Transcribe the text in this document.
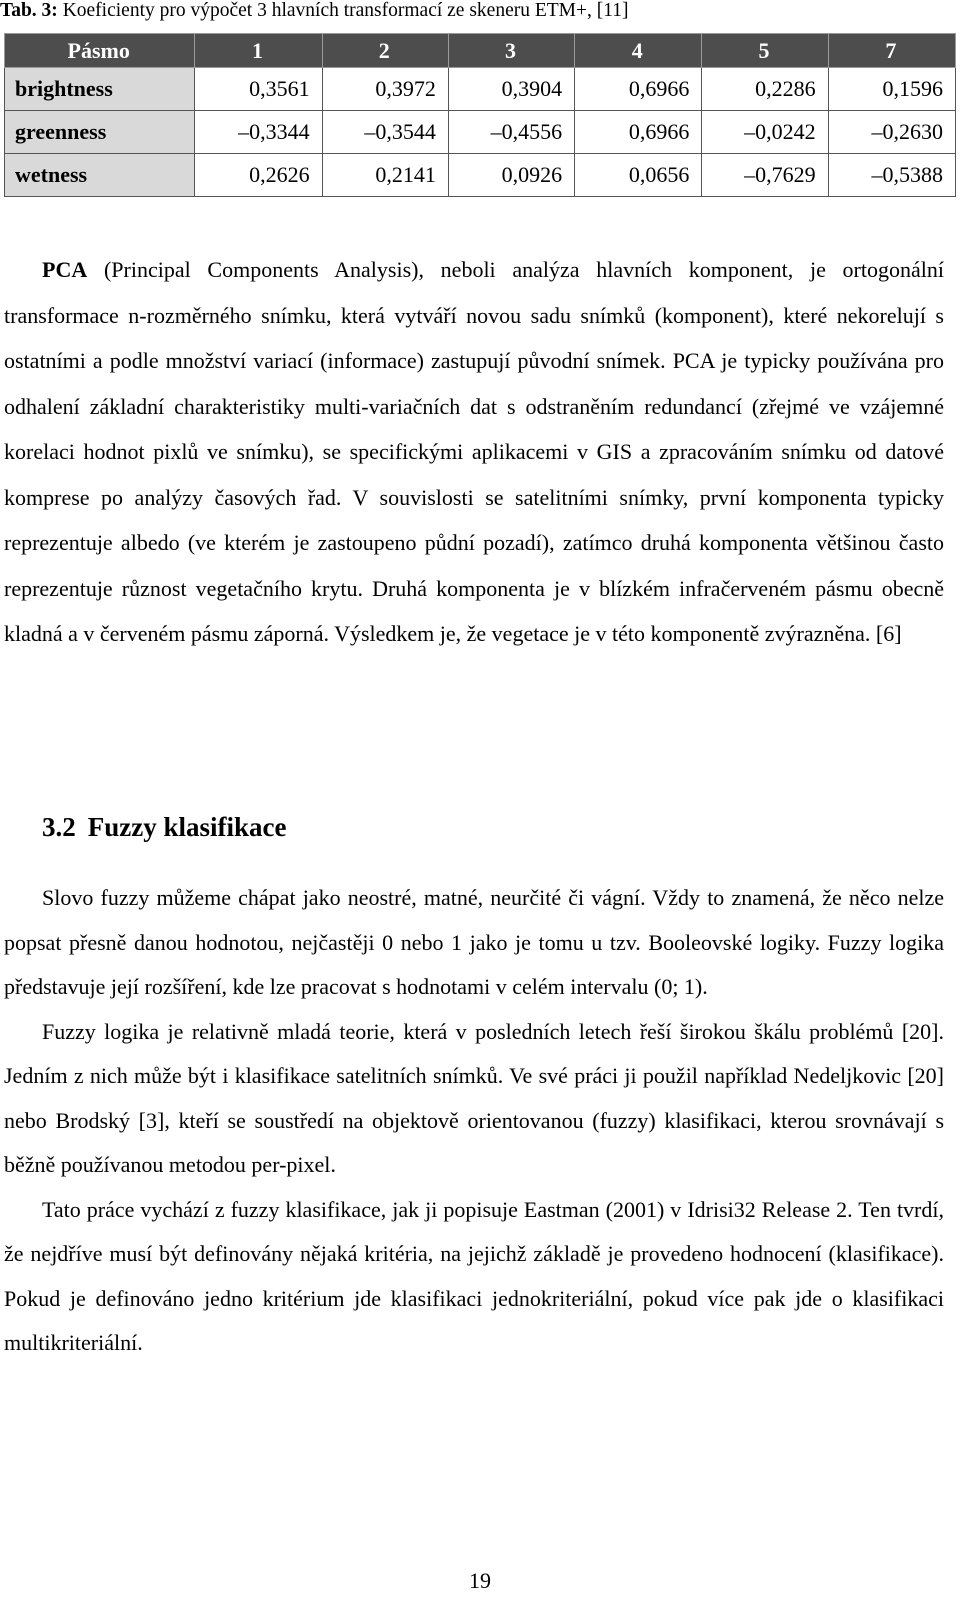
Tab. 3: Koeficienty pro výpočet 3 hlavních transformací ze skeneru ETM+, [11]
Pásmo	1	2	3	4	5	7
brightness	0,3561	0,3972	0,3904	0,6966	0,2286	0,1596
greenness	–0,3344	–0,3544	–0,4556	0,6966	–0,0242	–0,2630
wetness	0,2626	0,2141	0,0926	0,0656	–0,7629	–0,5388

PCA (Principal Components Analysis), neboli analýza hlavních komponent, je ortogonální transformace n-rozměrného snímku, která vytváří novou sadu snímků (komponent), které nekorelují s ostatními a podle množství variací (informace) zastupují původní snímek. PCA je typicky používána pro odhalení základní charakteristiky multi-variačních dat s odstraněním redundancí (zřejmé ve vzájemné korelaci hodnot pixlů ve snímku), se specifickými aplikacemi v GIS a zpracováním snímku od datové komprese po analýzy časových řad. V souvislosti se satelitními snímky, první komponenta typicky reprezentuje albedo (ve kterém je zastoupeno půdní pozadí), zatímco druhá komponenta většinou často reprezentuje různost vegetačního krytu. Druhá komponenta je v blízkém infračerveném pásmu obecně kladná a v červeném pásmu záporná. Výsledkem je, že vegetace je v této komponentě zvýrazněna. [6]

3.2 Fuzzy klasifikace

Slovo fuzzy můžeme chápat jako neostré, matné, neurčité či vágní. Vždy to znamená, že něco nelze popsat přesně danou hodnotou, nejčastěji 0 nebo 1 jako je tomu u tzv. Booleovské logiky. Fuzzy logika představuje její rozšíření, kde lze pracovat s hodnotami v celém intervalu (0; 1).

Fuzzy logika je relativně mladá teorie, která v posledních letech řeší širokou škálu problémů [20]. Jedním z nich může být i klasifikace satelitních snímků. Ve své práci ji použil například Nedeljkovic [20] nebo Brodský [3], kteří se soustředí na objektově orientovanou (fuzzy) klasifikaci, kterou srovnávají s běžně používanou metodou per-pixel.

Tato práce vychází z fuzzy klasifikace, jak ji popisuje Eastman (2001) v Idrisi32 Release 2. Ten tvrdí, že nejdříve musí být definovány nějaká kritéria, na jejichž základě je provedeno hodnocení (klasifikace). Pokud je definováno jedno kritérium jde klasifikaci jednokriteriální, pokud více pak jde o klasifikaci multikriteriální.

19
